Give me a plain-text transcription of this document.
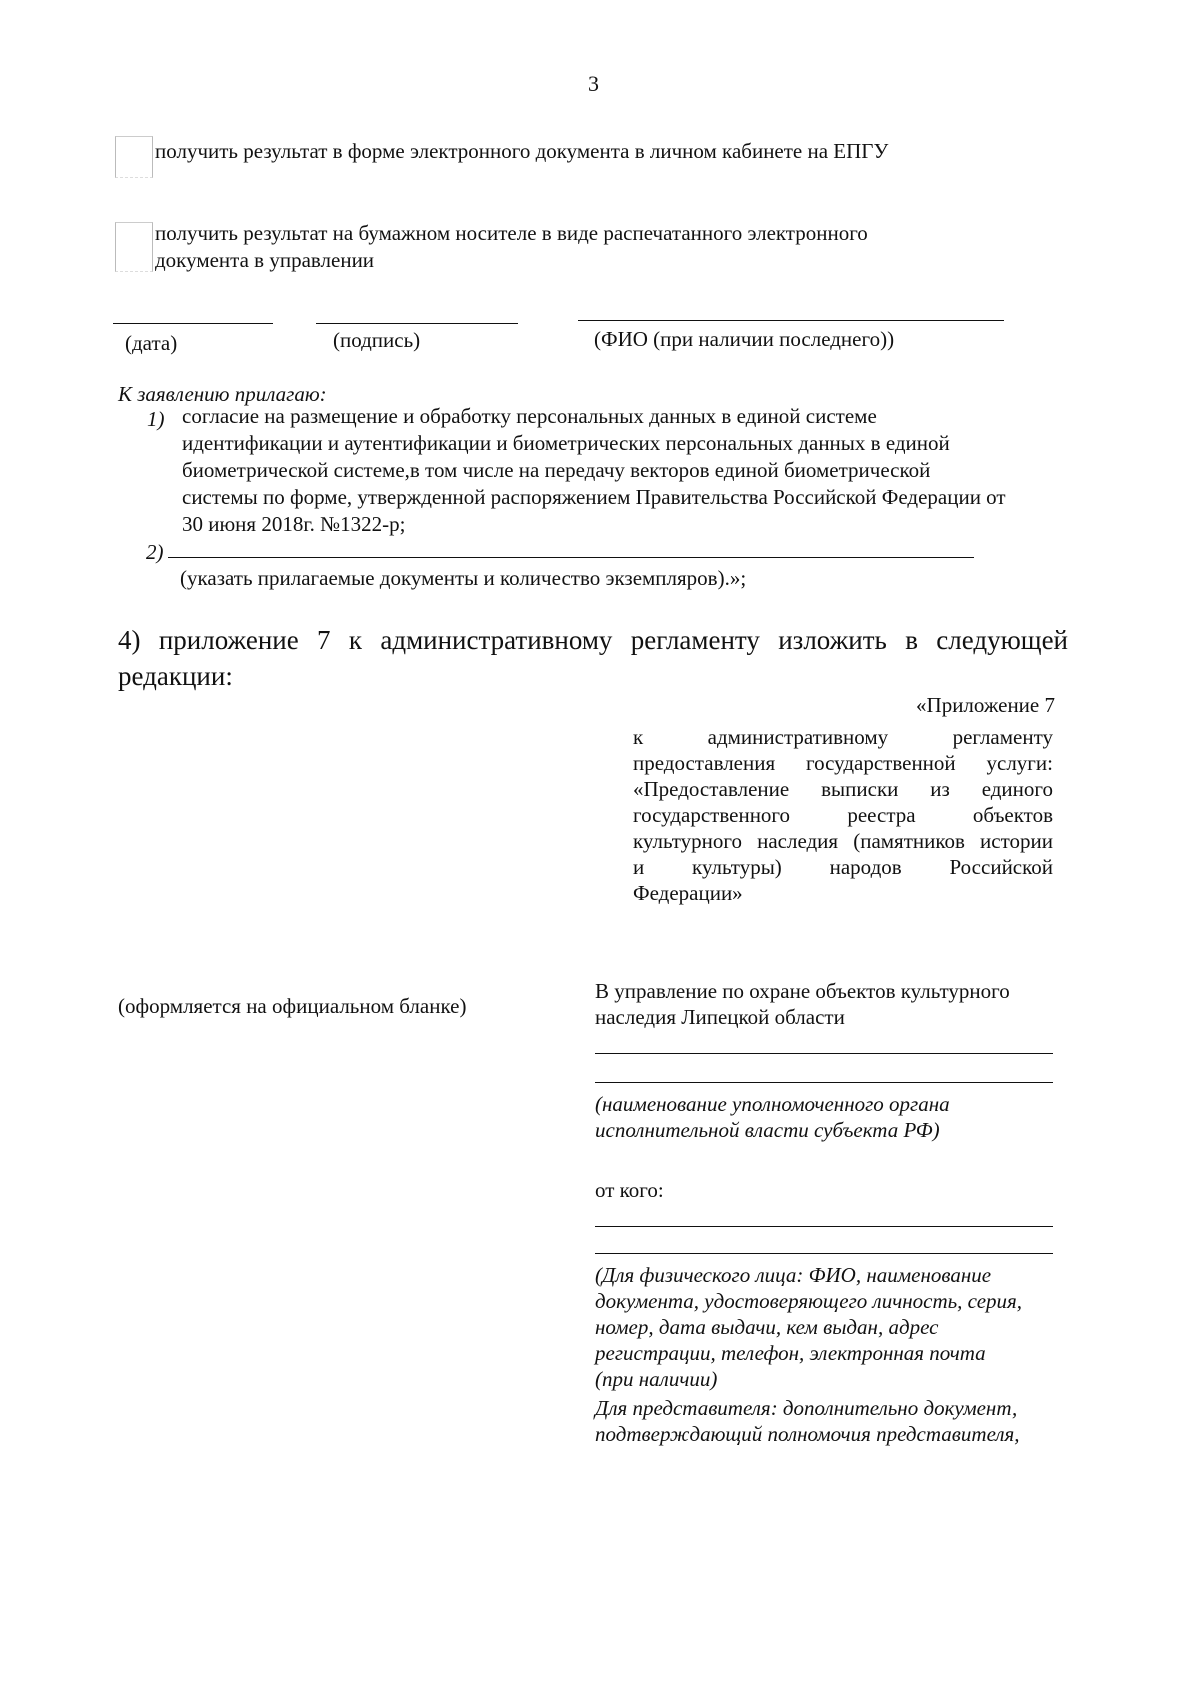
3
получить результат в форме электронного документа в личном кабинете на ЕПГУ
получить результат на бумажном носителе в виде распечатанного электронного
документа в управлении
(дата)	(подпись)	(ФИО (при наличии последнего))
К заявлению прилагаю:
1) согласие на размещение и обработку персональных данных в единой системе
идентификации и аутентификации и биометрических персональных данных в единой
биометрической системе,в том числе на передачу векторов единой биометрической
системы по форме, утвержденной распоряжением Правительства Российской Федерации от
30 июня 2018г. №1322-р;
2)
(указать прилагаемые документы и количество экземпляров).»;
4) приложение 7 к административному регламенту изложить в следующей
редакции:
«Приложение 7
к административному регламенту
предоставления государственной услуги:
«Предоставление выписки из единого
государственного реестра объектов
культурного наследия (памятников истории
и культуры) народов Российской
Федерации»
(оформляется на официальном бланке)
В управление по охране объектов культурного
наследия Липецкой области
(наименование уполномоченного органа
исполнительной власти субъекта РФ)
от кого:
(Для физического лица: ФИО, наименование
документа, удостоверяющего личность, серия,
номер, дата выдачи, кем выдан, адрес
регистрации, телефон, электронная почта
(при наличии)
Для представителя: дополнительно документ,
подтверждающий полномочия представителя,
